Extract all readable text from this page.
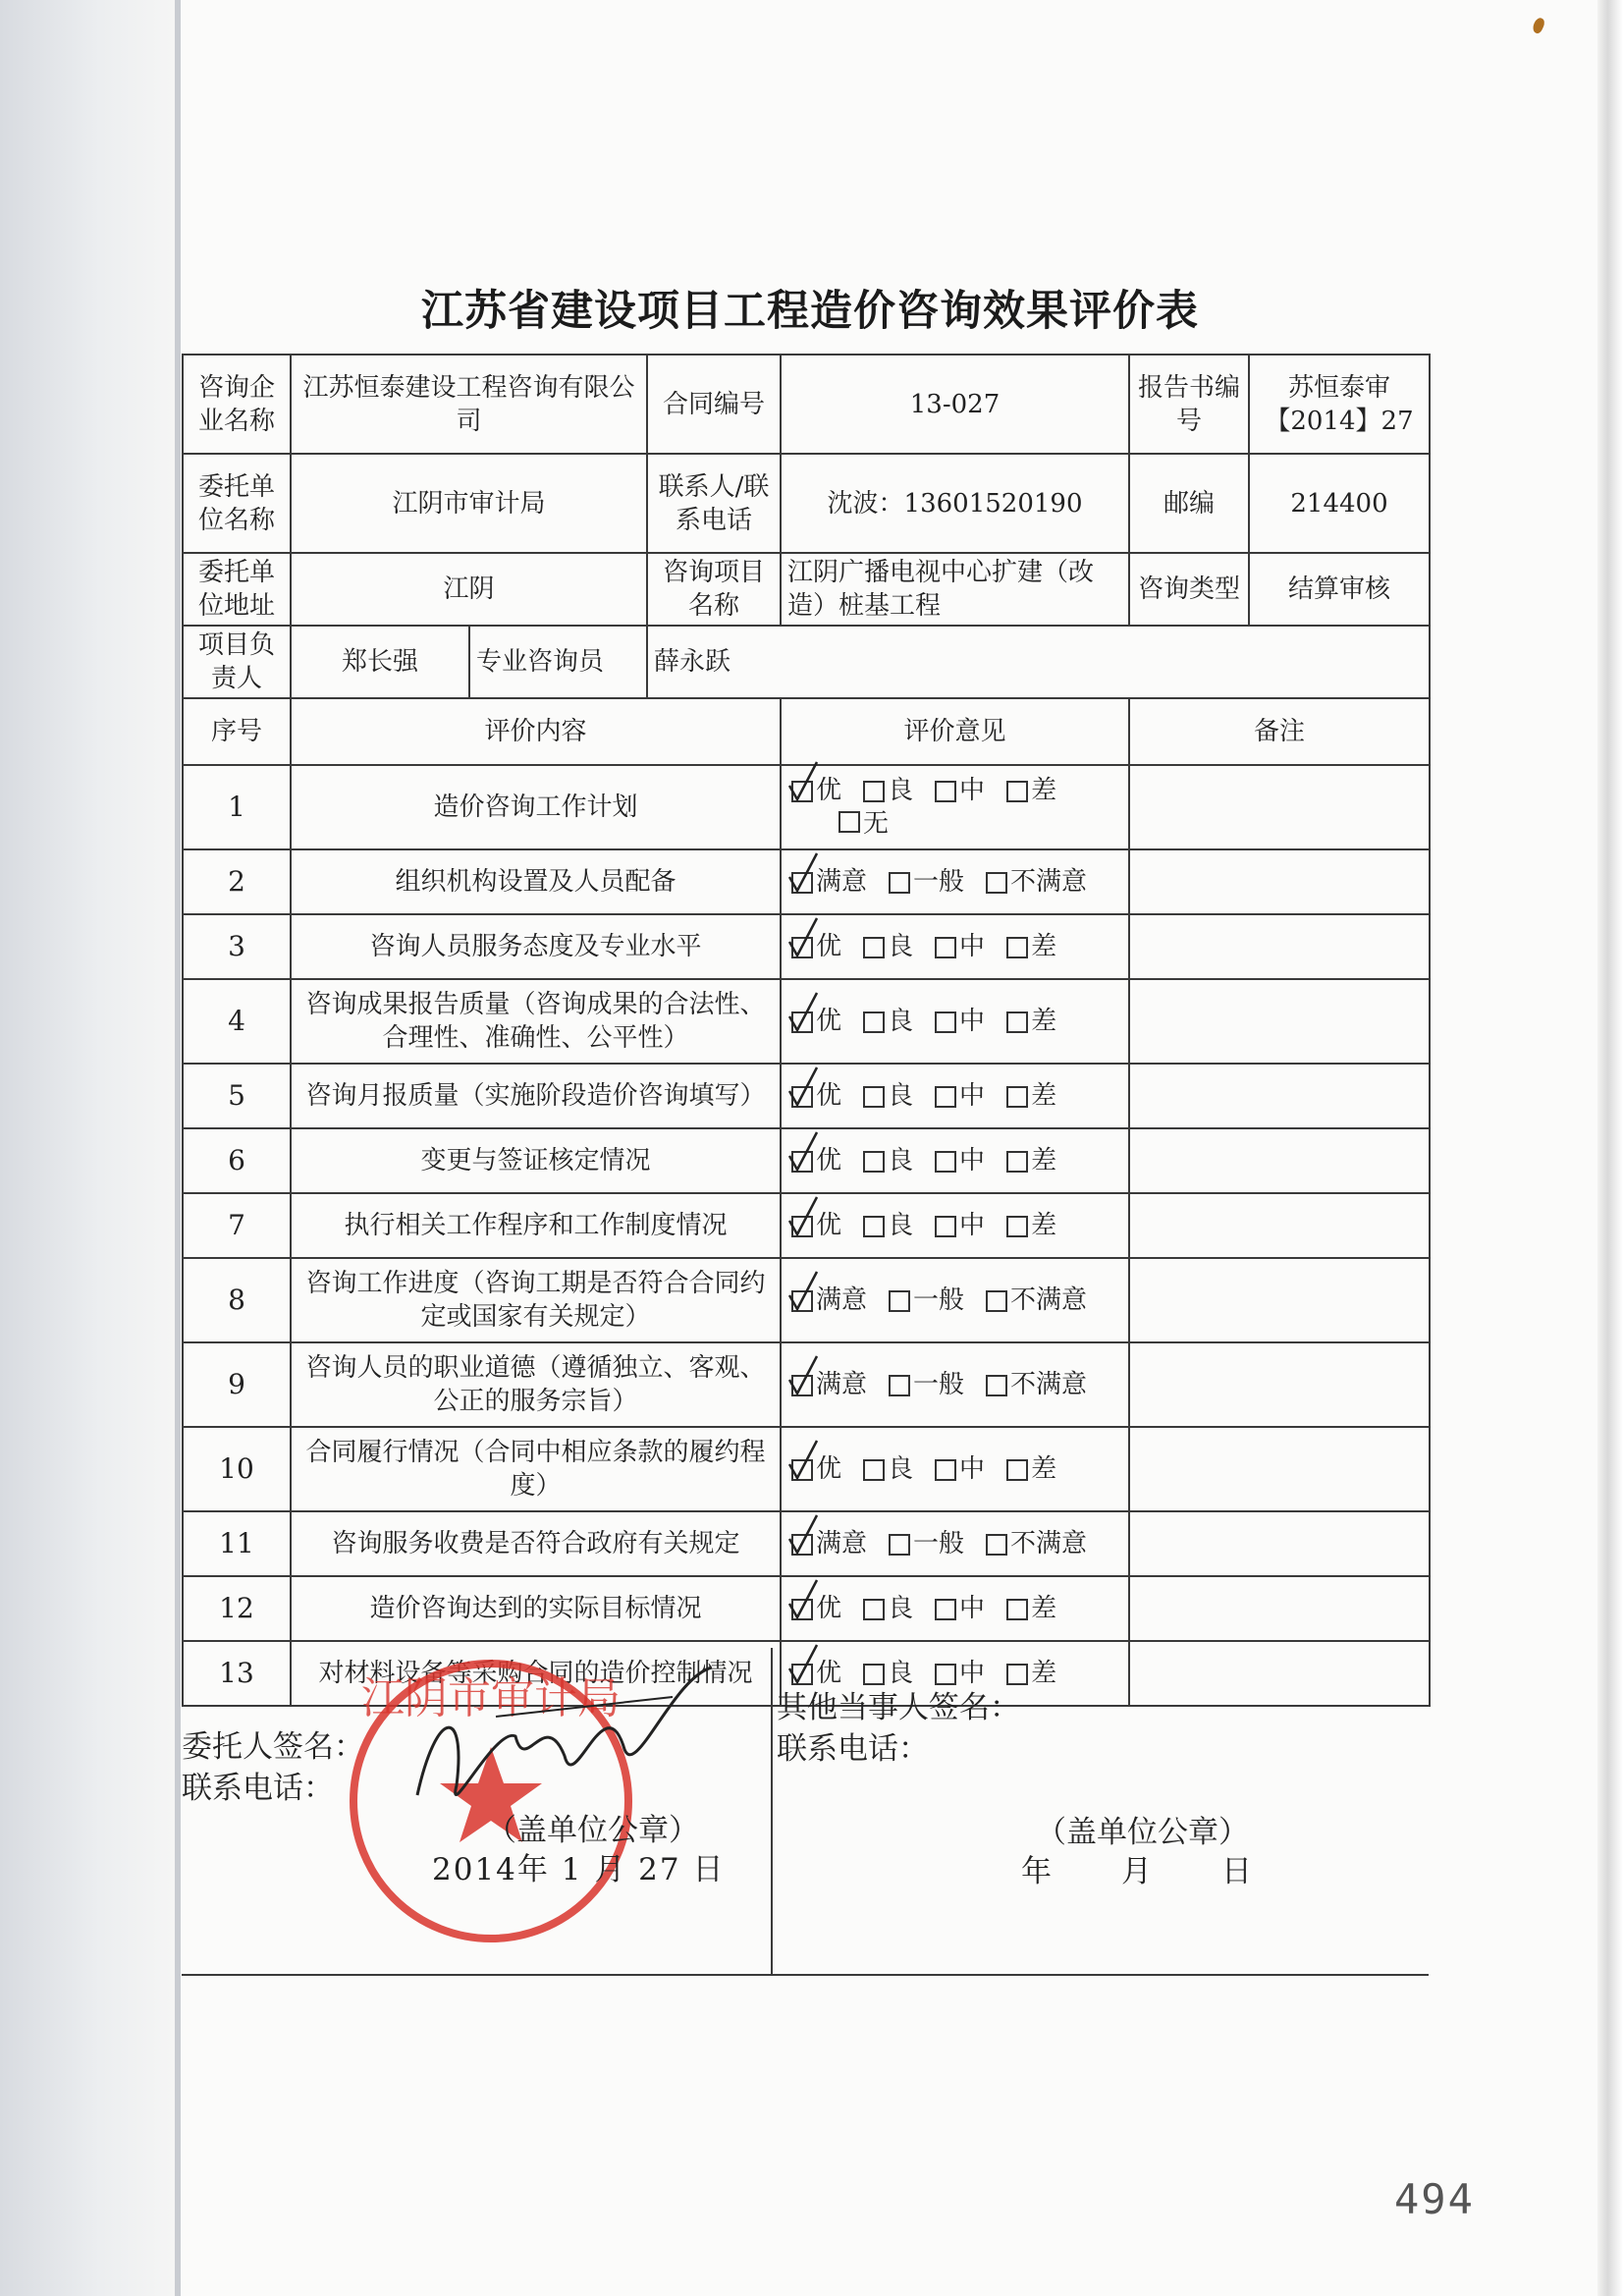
江苏省建设项目工程造价咨询效果评价表
咨询企业名称	江苏恒泰建设工程咨询有限公司		合同编号	13-027	报告书编号	苏恒泰审【2014】27
委托单位名称	江阴市审计局		联系人/联系电话	沈波：13601520190	邮编	214400
委托单位地址	江阴		咨询项目名称	江阴广播电视中心扩建（改造）桩基工程	咨询类型	结算审核
项目负责人	郑长强	专业咨询员	薛永跃			
序号	评价内容			评价意见	备注	
1	造价咨询工作计划			优 良 中 差
无		

2	组织机构设置及人员配备			满意 一般 不满意		

3	咨询人员服务态度及专业水平			优 良 中 差		

4	咨询成果报告质量（咨询成果的合法性、合理性、准确性、公平性）			优 良 中 差		

5	咨询月报质量（实施阶段造价咨询填写）			优 良 中 差		

6	变更与签证核定情况			优 良 中 差		

7	执行相关工作程序和工作制度情况			优 良 中 差		

8	咨询工作进度（咨询工期是否符合合同约定或国家有关规定）			满意 一般 不满意		

9	咨询人员的职业道德（遵循独立、客观、公正的服务宗旨）			满意 一般 不满意		

10	合同履行情况（合同中相应条款的履约程度）			优 良 中 差		

11	咨询服务收费是否符合政府有关规定			满意 一般 不满意		

12	造价咨询达到的实际目标情况			优 良 中 差		

13	对材料设备等采购合同的造价控制情况			优 良 中 差		

江阴市审计局
委托人签名：
联系电话：
（盖单位公章）
2014年 1 月 27 日
其他当事人签名：
联系电话：
（盖单位公章）
年　　月　　日
494
